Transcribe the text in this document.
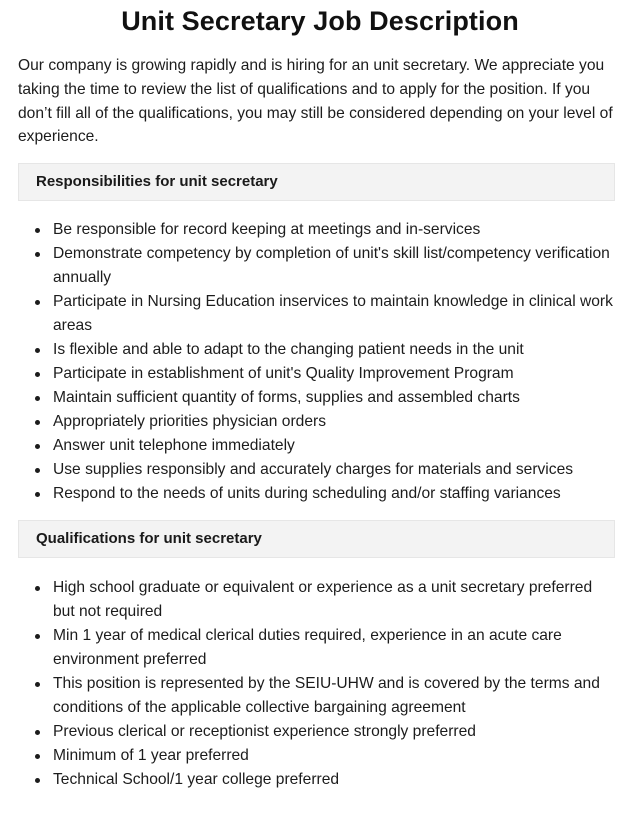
Unit Secretary Job Description

Our company is growing rapidly and is hiring for an unit secretary. We appreciate you taking the time to review the list of qualifications and to apply for the position. If you don’t fill all of the qualifications, you may still be considered depending on your level of experience.

Responsibilities for unit secretary
Be responsible for record keeping at meetings and in-services
Demonstrate competency by completion of unit's skill list/competency verification annually
Participate in Nursing Education inservices to maintain knowledge in clinical work areas
Is flexible and able to adapt to the changing patient needs in the unit
Participate in establishment of unit's Quality Improvement Program
Maintain sufficient quantity of forms, supplies and assembled charts
Appropriately priorities physician orders
Answer unit telephone immediately
Use supplies responsibly and accurately charges for materials and services
Respond to the needs of units during scheduling and/or staffing variances
Qualifications for unit secretary
High school graduate or equivalent or experience as a unit secretary preferred but not required
Min 1 year of medical clerical duties required, experience in an acute care environment preferred
This position is represented by the SEIU-UHW and is covered by the terms and conditions of the applicable collective bargaining agreement
Previous clerical or receptionist experience strongly preferred
Minimum of 1 year preferred
Technical School/1 year college preferred
